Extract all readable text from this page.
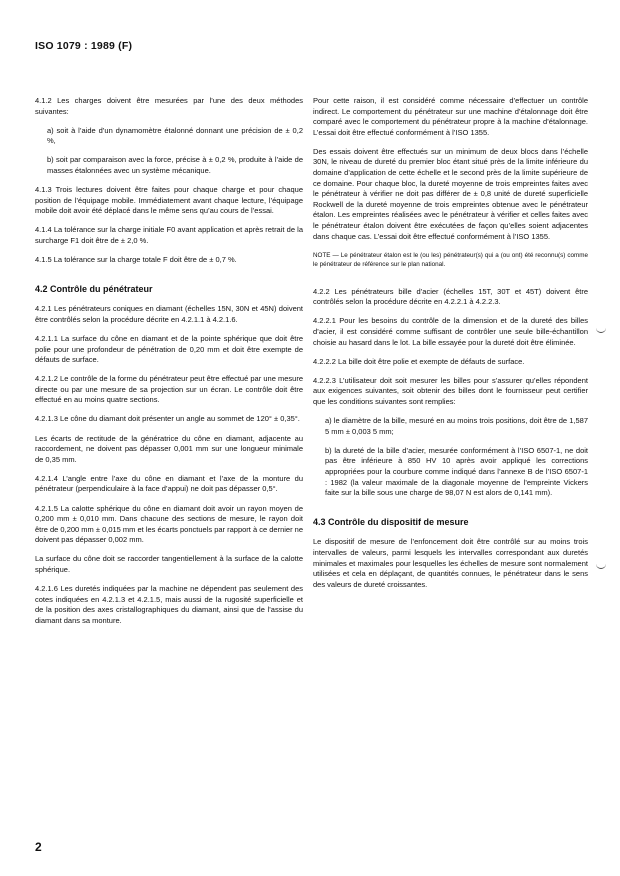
ISO 1079 : 1989 (F)

4.1.2 Les charges doivent être mesurées par l’une des deux méthodes suivantes:

a) soit à l’aide d’un dynamomètre étalonné donnant une précision de ± 0,2 %,

b) soit par comparaison avec la force, précise à ± 0,2 %, produite à l’aide de masses étalonnées avec un système mécanique.

4.1.3 Trois lectures doivent être faites pour chaque charge et pour chaque position de l’équipage mobile. Immédiatement avant chaque lecture, l’équipage mobile doit avoir été déplacé dans le même sens qu’au cours de l’essai.

4.1.4 La tolérance sur la charge initiale F0 avant application et après retrait de la surcharge F1 doit être de ± 2,0 %.

4.1.5 La tolérance sur la charge totale F doit être de ± 0,7 %.

4.2 Contrôle du pénétrateur

4.2.1 Les pénétrateurs coniques en diamant (échelles 15N, 30N et 45N) doivent être contrôlés selon la procédure décrite en 4.2.1.1 à 4.2.1.6.

4.2.1.1 La surface du cône en diamant et de la pointe sphérique que doit être polie pour une profondeur de pénétration de 0,20 mm et doit être exempte de défauts de surface.

4.2.1.2 Le contrôle de la forme du pénétrateur peut être effectué par une mesure directe ou par une mesure de sa projection sur un écran. Le contrôle doit être effectué en au moins quatre sections.

4.2.1.3 Le cône du diamant doit présenter un angle au sommet de 120° ± 0,35°.

Les écarts de rectitude de la génératrice du cône en diamant, adjacente au raccordement, ne doivent pas dépasser 0,001 mm sur une longueur minimale de 0,35 mm.

4.2.1.4 L’angle entre l’axe du cône en diamant et l’axe de la monture du pénétrateur (perpendiculaire à la face d’appui) ne doit pas dépasser 0,5°.

4.2.1.5 La calotte sphérique du cône en diamant doit avoir un rayon moyen de 0,200 mm ± 0,010 mm. Dans chacune des sections de mesure, le rayon doit être de 0,200 mm ± 0,015 mm et les écarts ponctuels par rapport à ce dernier ne doivent pas dépasser 0,002 mm.

La surface du cône doit se raccorder tangentiellement à la surface de la calotte sphérique.

4.2.1.6 Les duretés indiquées par la machine ne dépendent pas seulement des cotes indiquées en 4.2.1.3 et 4.2.1.5, mais aussi de la rugosité superficielle et de la position des axes cristallographiques du diamant, ainsi que de l’assise du diamant dans sa monture.

Pour cette raison, il est considéré comme nécessaire d’effectuer un contrôle indirect. Le comportement du pénétrateur sur une machine d’étalonnage doit être comparé avec le comportement du pénétrateur propre à la machine d’étalonnage. L’essai doit être effectué conformément à l’ISO 1355.

Des essais doivent être effectués sur un minimum de deux blocs dans l’échelle 30N, le niveau de dureté du premier bloc étant situé près de la limite inférieure du domaine d’application de cette échelle et le second près de la limite supérieure de ce domaine. Pour chaque bloc, la dureté moyenne de trois empreintes faites avec le pénétrateur à vérifier ne doit pas différer de ± 0,8 unité de dureté superficielle Rockwell de la dureté moyenne de trois empreintes obtenue avec le pénétrateur étalon. Les empreintes réalisées avec le pénétrateur à vérifier et celles faites avec le pénétrateur étalon doivent être exécutées de façon qu’elles soient adjacentes dans chaque cas. L’essai doit être effectué conformément à l’ISO 1355.

NOTE — Le pénétrateur étalon est le (ou les) pénétrateur(s) qui a (ou ont) été reconnu(s) comme le pénétrateur de référence sur le plan national.

4.2.2 Les pénétrateurs bille d’acier (échelles 15T, 30T et 45T) doivent être contrôlés selon la procédure décrite en 4.2.2.1 à 4.2.2.3.

4.2.2.1 Pour les besoins du contrôle de la dimension et de la dureté des billes d’acier, il est considéré comme suffisant de contrôler une seule bille-échantillon choisie au hasard dans le lot. La bille essayée pour la dureté doit être éliminée.

4.2.2.2 La bille doit être polie et exempte de défauts de surface.

4.2.2.3 L’utilisateur doit soit mesurer les billes pour s’assurer qu’elles répondent aux exigences suivantes, soit obtenir des billes dont le fournisseur peut certifier que les conditions suivantes sont remplies:

a) le diamètre de la bille, mesuré en au moins trois positions, doit être de 1,587 5 mm ± 0,003 5 mm;

b) la dureté de la bille d’acier, mesurée conformément à l’ISO 6507-1, ne doit pas être inférieure à 850 HV 10 après avoir appliqué les corrections appropriées pour la courbure comme indiqué dans l’annexe B de l’ISO 6507-1 : 1982 (la valeur maximale de la diagonale moyenne de l’empreinte Vickers faite sur la bille sous une charge de 98,07 N est alors de 0,141 mm).

4.3 Contrôle du dispositif de mesure

Le dispositif de mesure de l’enfoncement doit être contrôlé sur au moins trois intervalles de valeurs, parmi lesquels les intervalles correspondant aux duretés minimales et maximales pour lesquelles les échelles de mesure sont normalement utilisées et cela en déplaçant, de quantités connues, le pénétrateur dans le sens des valeurs de dureté croissantes.

2
